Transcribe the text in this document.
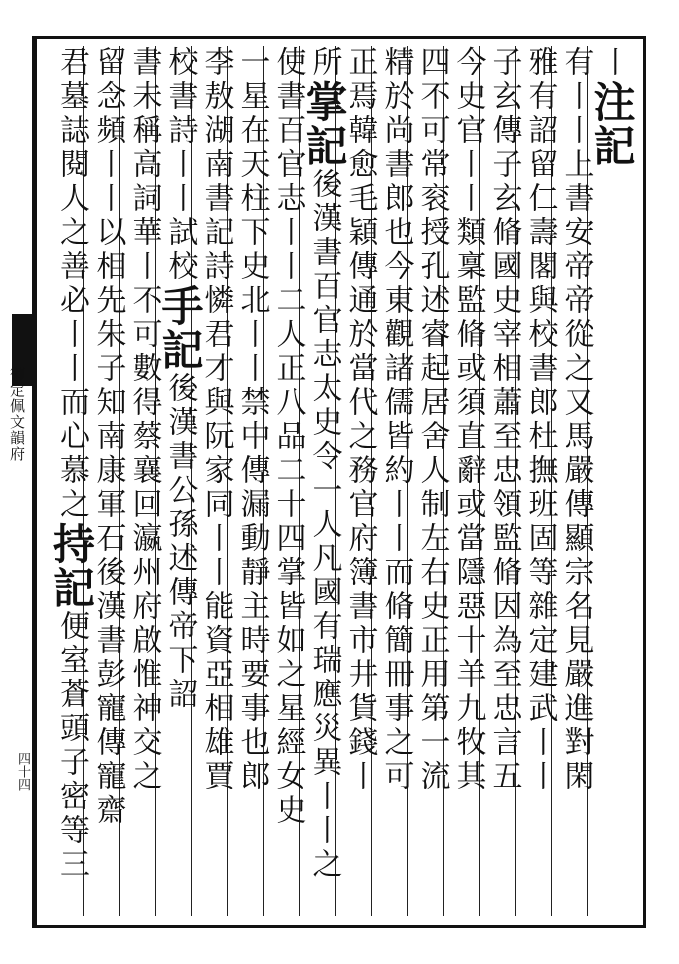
御定佩文韻府
四十四
丨注記
有丨丨上書安帝帝從之又馬嚴傳顯宗名見嚴進對閑
雅有詔留仁壽閣與校書郎杜撫班固等雜定建武丨丨
子玄傳子玄脩國史宰相蕭至忠領監脩因為至忠言五
今史官丨丨類稟監脩或須直辭或當隱惡十羊九牧其
四不可常衮授孔述睿起居舍人制左右史正用第一流
精於尚書郎也今東觀諸儒皆約丨丨而脩簡冊事之可
正焉韓愈毛穎傳通於當代之務官府簿書市井貨錢丨
所掌記後漢書百官志太史令一人凡國有瑞應災異丨丨之
使書百官志丨丨二人正八品二十四掌皆如之星經女史
一星在天柱下史北丨丨禁中傳漏動靜主時要事也郎
李敖湖南書記詩憐君才與阮家同丨丨能資亞相雄賈
校書詩丨丨試校手記後漢書公孫述傳帝下詔
書未稱高詞華丨不可數得蔡襄回瀛州府啟惟神交之
留念頻丨丨以相先朱子知南康軍石後漢書彭寵傳寵齋
君墓誌閱人之善必丨丨而心慕之持記便室蒼頭子密等三
